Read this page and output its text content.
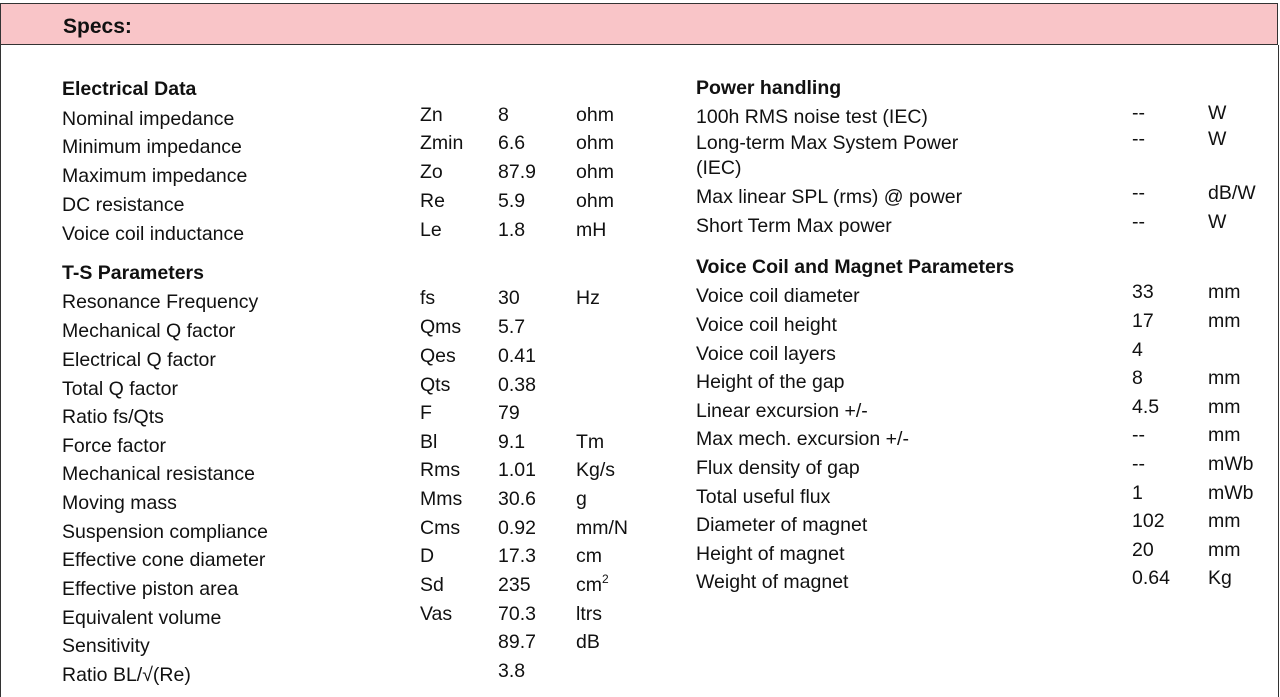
Specs:
Electrical Data
Nominal impedance	Zn	8	ohm
Minimum impedance	Zmin 6.6	ohm
Maximum impedance	Zo	87.9 ohm
DC resistance	Re	5.9	ohm
Voice coil inductance	Le	1.8	mH
T-S Parameters
Resonance Frequency	fs	30	Hz
Mechanical Q factor	Qms 5.7
Electrical Q factor	Qes 0.41
Total Q factor	Qts 0.38
Ratio fs/Qts	F	79
Force factor	Bl	9.1	Tm
Mechanical resistance	Rms 1.01 Kg/s
Moving mass	Mms 30.6 g
Suspension compliance	Cms 0.92 mm/N
Effective cone diameter	D	17.3 cm
Effective piston area	Sd	235 $cm^2$
Equivalent volume	Vas 70.3 ltrs
Sensitivity	89.7 dB
Ratio BL/√(Re)	3.8
Power handling
100h RMS noise test (IEC)	--	W
Long-term Max System Power
(IEC)
--	W
Max linear SPL (rms) @ power	--	dB/W
Short Term Max power	--	W
Voice Coil and Magnet Parameters
Voice coil diameter	33	mm
Voice coil height	17	mm
Voice coil layers	4
Height of the gap	8	mm
Linear excursion +/-	4.5	mm
Max mech. excursion +/-	--	mm
Flux density of gap	--	mWb
Total useful flux	1	mWb
Diameter of magnet	102 mm
Height of magnet	20	mm
Weight of magnet	0.64 Kg
